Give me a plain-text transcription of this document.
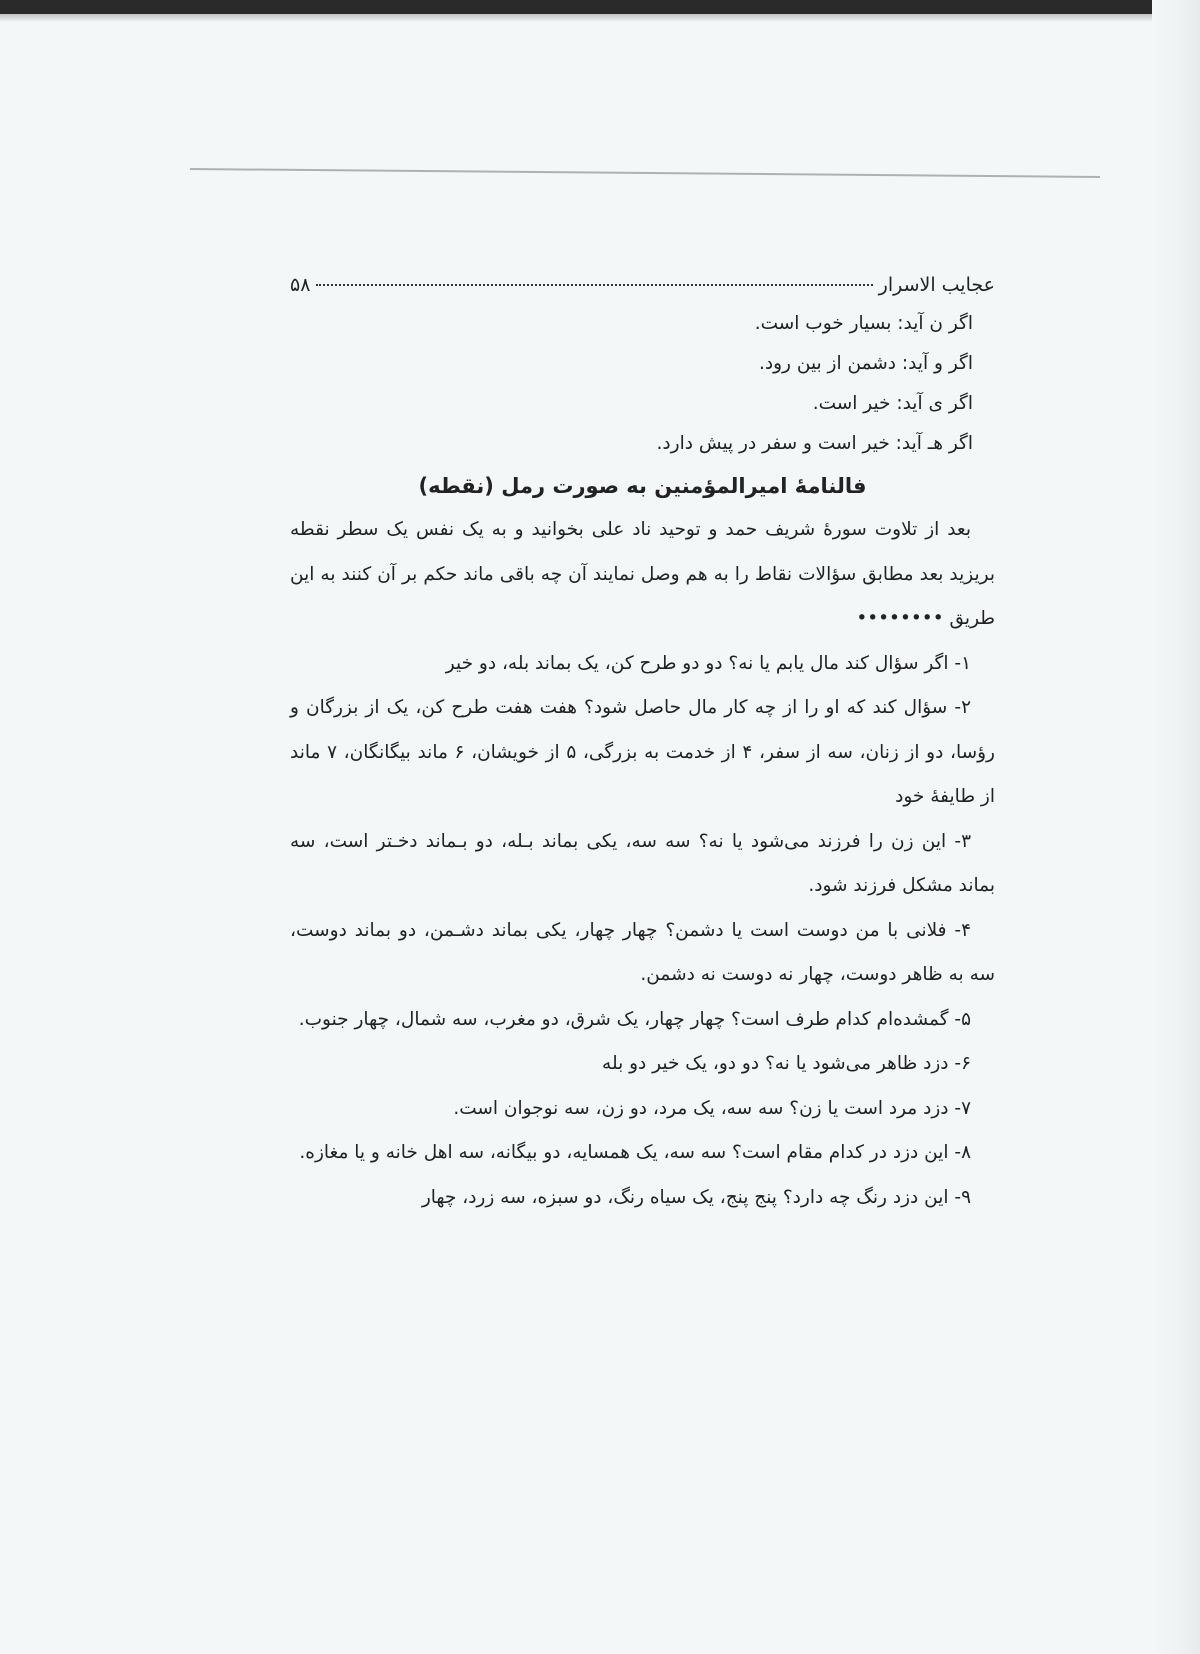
عجایب الاسرار
۵۸
اگر ن آید: بسیار خوب است.
اگر و آید: دشمن از بین رود.
اگر ی آید: خیر است.
اگر هـ آید: خیر است و سفر در پیش دارد.
فالنامهٔ امیرالمؤمنین به صورت رمل (نقطه)

بعد از تلاوت سورهٔ شریف حمد و توحید ناد علی بخوانید و به یک نفس یک سطر نقطه بریزید بعد مطابق سؤالات نقاط را به هم وصل نمایند آن چه باقی ماند حکم بر آن کنند به این طریق ••••••••

۱- اگر سؤال کند مال یابم یا نه؟ دو دو طرح کن، یک بماند بله، دو خیر

۲- سؤال کند که او را از چه کار مال حاصل شود؟ هفت هفت طرح کن، یک از بزرگان و رؤسا، دو از زنان، سه از سفر، ۴ از خدمت به بزرگی، ۵ از خویشان، ۶ ماند بیگانگان، ۷ ماند از طایفهٔ خود

۳- این زن را فرزند می‌شود یا نه؟ سه سه، یکی بماند بـله، دو بـماند دخـتر است، سه بماند مشکل فرزند شود.

۴- فلانی با من دوست است یا دشمن؟ چهار چهار، یکی بماند دشـمن، دو بماند دوست، سه به ظاهر دوست، چهار نه دوست نه دشمن.

۵- گمشده‌ام کدام طرف است؟ چهار چهار، یک شرق، دو مغرب، سه شمال، چهار جنوب.

۶- دزد ظاهر می‌شود یا نه؟ دو دو، یک خیر دو بله

۷- دزد مرد است یا زن؟ سه سه، یک مرد، دو زن، سه نوجوان است.

۸- این دزد در کدام مقام است؟ سه سه، یک همسایه، دو بیگانه، سه اهل خانه و یا مغازه.

۹- این دزد رنگ چه دارد؟ پنج پنج، یک سیاه رنگ، دو سبزه، سه زرد، چهار
